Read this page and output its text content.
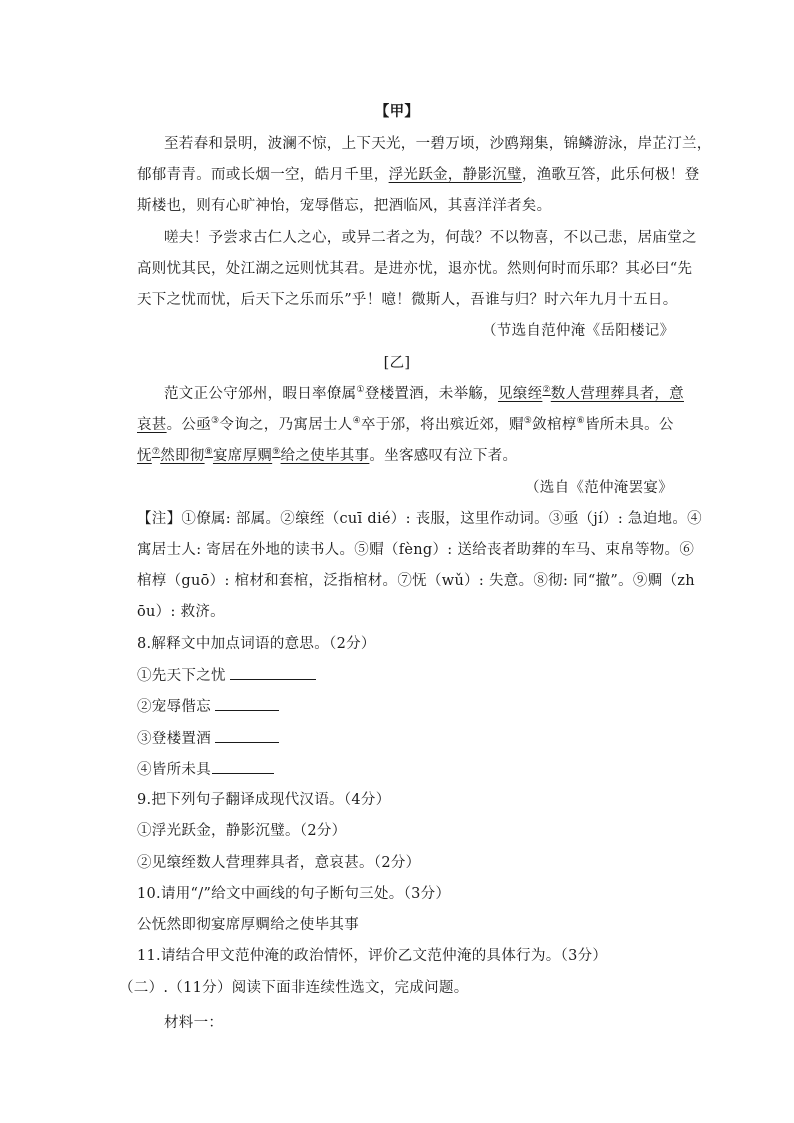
【甲】
至若春和景明，波澜不惊，上下天光，一碧万顷，沙鸥翔集，锦鳞游泳，岸芷汀兰，
郁郁青青。而或长烟一空，皓月千里，浮光跃金，静影沉璧，渔歌互答，此乐何极！登
斯楼也，则有心旷神怡，宠辱偕忘，把酒临风，其喜洋洋者矣。
嗟夫！予尝求古仁人之心，或异二者之为，何哉？不以物喜，不以己悲，居庙堂之
高则忧其民，处江湖之远则忧其君。是进亦忧，退亦忧。然则何时而乐耶？其必曰“先
天下之忧而忧，后天下之乐而乐”乎！噫！微斯人，吾谁与归？时六年九月十五日。
（节选自范仲淹《岳阳楼记》
[乙]
范文正公守邠州，暇日率僚属①登楼置酒，未举觞，见缞绖②数人营理葬具者，意
哀甚。公亟③令询之，乃寓居士人④卒于邠，将出殡近郊，赗⑤敛棺椁⑥皆所未具。公
怃⑦然即彻⑧宴席厚赒⑨给之使毕其事。坐客感叹有泣下者。
（选自《范仲淹罢宴》
【注】①僚属: 部属。②缞绖（cuī dié）: 丧服，这里作动词。③亟（jí）: 急迫地。④
寓居士人: 寄居在外地的读书人。⑤赗（fèng）: 送给丧者助葬的车马、束帛等物。⑥
棺椁（guō）: 棺材和套棺，泛指棺材。⑦怃（wǔ）: 失意。⑧彻: 同“撤”。⑨赒（zh
ōu）: 救济。
8.解释文中加点词语的意思。（2分）
①先天下之忧
②宠辱偕忘
③登楼置酒
④皆所未具
9.把下列句子翻译成现代汉语。（4分）
①浮光跃金，静影沉璧。（2分）
②见缞绖数人营理葬具者，意哀甚。（2分）
10.请用“/”给文中画线的句子断句三处。（3分）
公怃然即彻宴席厚赒给之使毕其事
11.请结合甲文范仲淹的政治情怀，评价乙文范仲淹的具体行为。（3分）
（二）.（11分）阅读下面非连续性选文，完成问题。
材料一：
